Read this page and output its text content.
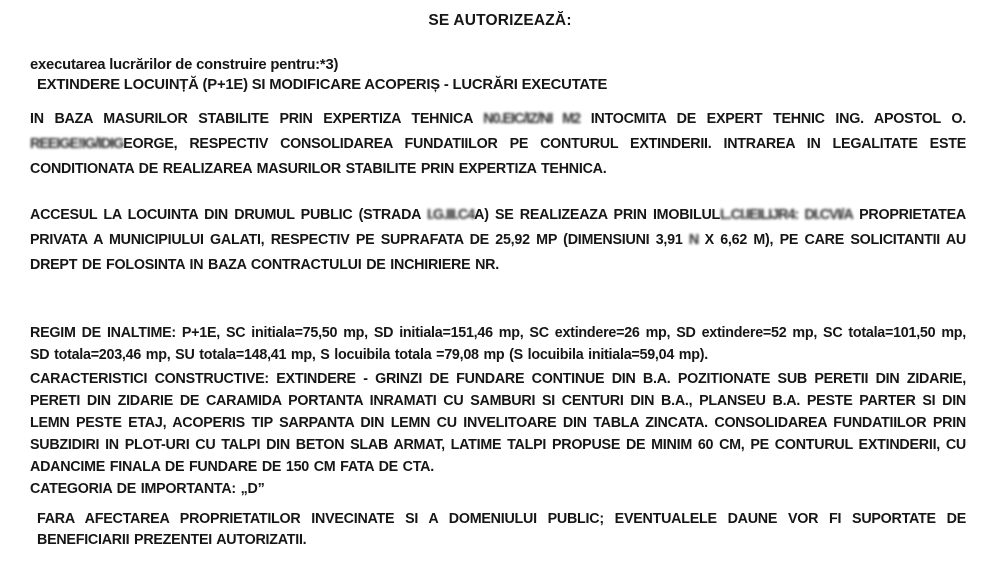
SE AUTORIZEAZĂ:
executarea lucrărilor de construire pentru:*3)
EXTINDERE LOCUINȚĂ (P+1E) SI MODIFICARE ACOPERIȘ - LUCRĂRI EXECUTATE

IN BAZA MASURILOR STABILITE PRIN EXPERTIZA TEHNICA N0.EIC/IZ/NI M2 INTOCMITA DE EXPERT TEHNIC ING. APOSTOL O. REEIGE!IG/IDIGEORGE, RESPECTIV CONSOLIDAREA FUNDATIILOR PE CONTURUL EXTINDERII. INTRAREA IN LEGALITATE ESTE CONDITIONATA DE REALIZAREA MASURILOR STABILITE PRIN EXPERTIZA TEHNICA.

ACCESUL LA LOCUINTA DIN DRUMUL PUBLIC (STRADA I.G.III.C4A) SE REALIZEAZA PRIN IMOBILULL.CI.IEILIJR4: DI.CVI/A PROPRIETATEA PRIVATA A MUNICIPIULUI GALATI, RESPECTIV PE SUPRAFATA DE 25,92 MP (DIMENSIUNI 3,91 N X 6,62 M), PE CARE SOLICITANTII AU DREPT DE FOLOSINTA IN BAZA CONTRACTULUI DE INCHIRIERE NR.

REGIM DE INALTIME: P+1E, SC initiala=75,50 mp, SD initiala=151,46 mp, SC extindere=26 mp, SD extindere=52 mp, SC totala=101,50 mp, SD totala=203,46 mp, SU totala=148,41 mp, S locuibila totala =79,08 mp (S locuibila initiala=59,04 mp).

CARACTERISTICI CONSTRUCTIVE: EXTINDERE - GRINZI DE FUNDARE CONTINUE DIN B.A. POZITIONATE SUB PERETII DIN ZIDARIE, PERETI DIN ZIDARIE DE CARAMIDA PORTANTA INRAMATI CU SAMBURI SI CENTURI DIN B.A., PLANSEU B.A. PESTE PARTER SI DIN LEMN PESTE ETAJ, ACOPERIS TIP SARPANTA DIN LEMN CU INVELITOARE DIN TABLA ZINCATA. CONSOLIDAREA FUNDATIILOR PRIN SUBZIDIRI IN PLOT-URI CU TALPI DIN BETON SLAB ARMAT, LATIME TALPI PROPUSE DE MINIM 60 CM, PE CONTURUL EXTINDERII, CU ADANCIME FINALA DE FUNDARE DE 150 CM FATA DE CTA.

CATEGORIA DE IMPORTANTA: „D”

FARA AFECTAREA PROPRIETATILOR INVECINATE SI A DOMENIULUI PUBLIC; EVENTUALELE DAUNE VOR FI SUPORTATE DE BENEFICIARII PREZENTEI AUTORIZATII.
